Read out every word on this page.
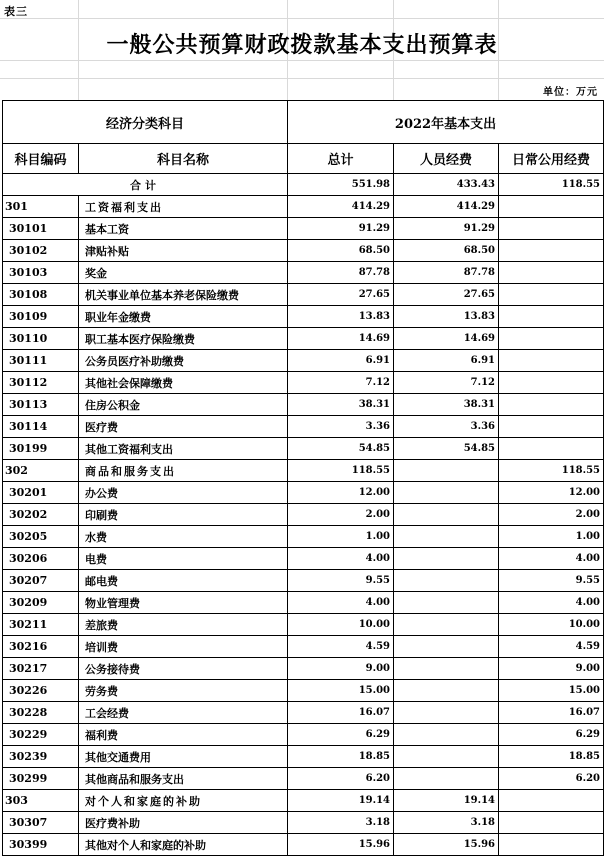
表三
一般公共预算财政拨款基本支出预算表
单位：万元
经济分类科目		2022年基本支出		
科目编码	科目名称	总计	人员经费	日常公用经费
合计		551.98	433.43	118.55
301	工资福利支出	414.29	414.29	
30101	基本工资	91.29	91.29	
30102	津贴补贴	68.50	68.50	
30103	奖金	87.78	87.78	
30108	机关事业单位基本养老保险缴费	27.65	27.65	
30109	职业年金缴费	13.83	13.83	
30110	职工基本医疗保险缴费	14.69	14.69	
30111	公务员医疗补助缴费	6.91	6.91	
30112	其他社会保障缴费	7.12	7.12	
30113	住房公积金	38.31	38.31	
30114	医疗费	3.36	3.36	
30199	其他工资福利支出	54.85	54.85	
302	商品和服务支出	118.55		118.55
30201	办公费	12.00		12.00
30202	印刷费	2.00		2.00
30205	水费	1.00		1.00
30206	电费	4.00		4.00
30207	邮电费	9.55		9.55
30209	物业管理费	4.00		4.00
30211	差旅费	10.00		10.00
30216	培训费	4.59		4.59
30217	公务接待费	9.00		9.00
30226	劳务费	15.00		15.00
30228	工会经费	16.07		16.07
30229	福利费	6.29		6.29
30239	其他交通费用	18.85		18.85
30299	其他商品和服务支出	6.20		6.20
303	对个人和家庭的补助	19.14	19.14	
30307	医疗费补助	3.18	3.18	
30399	其他对个人和家庭的补助	15.96	15.96	
